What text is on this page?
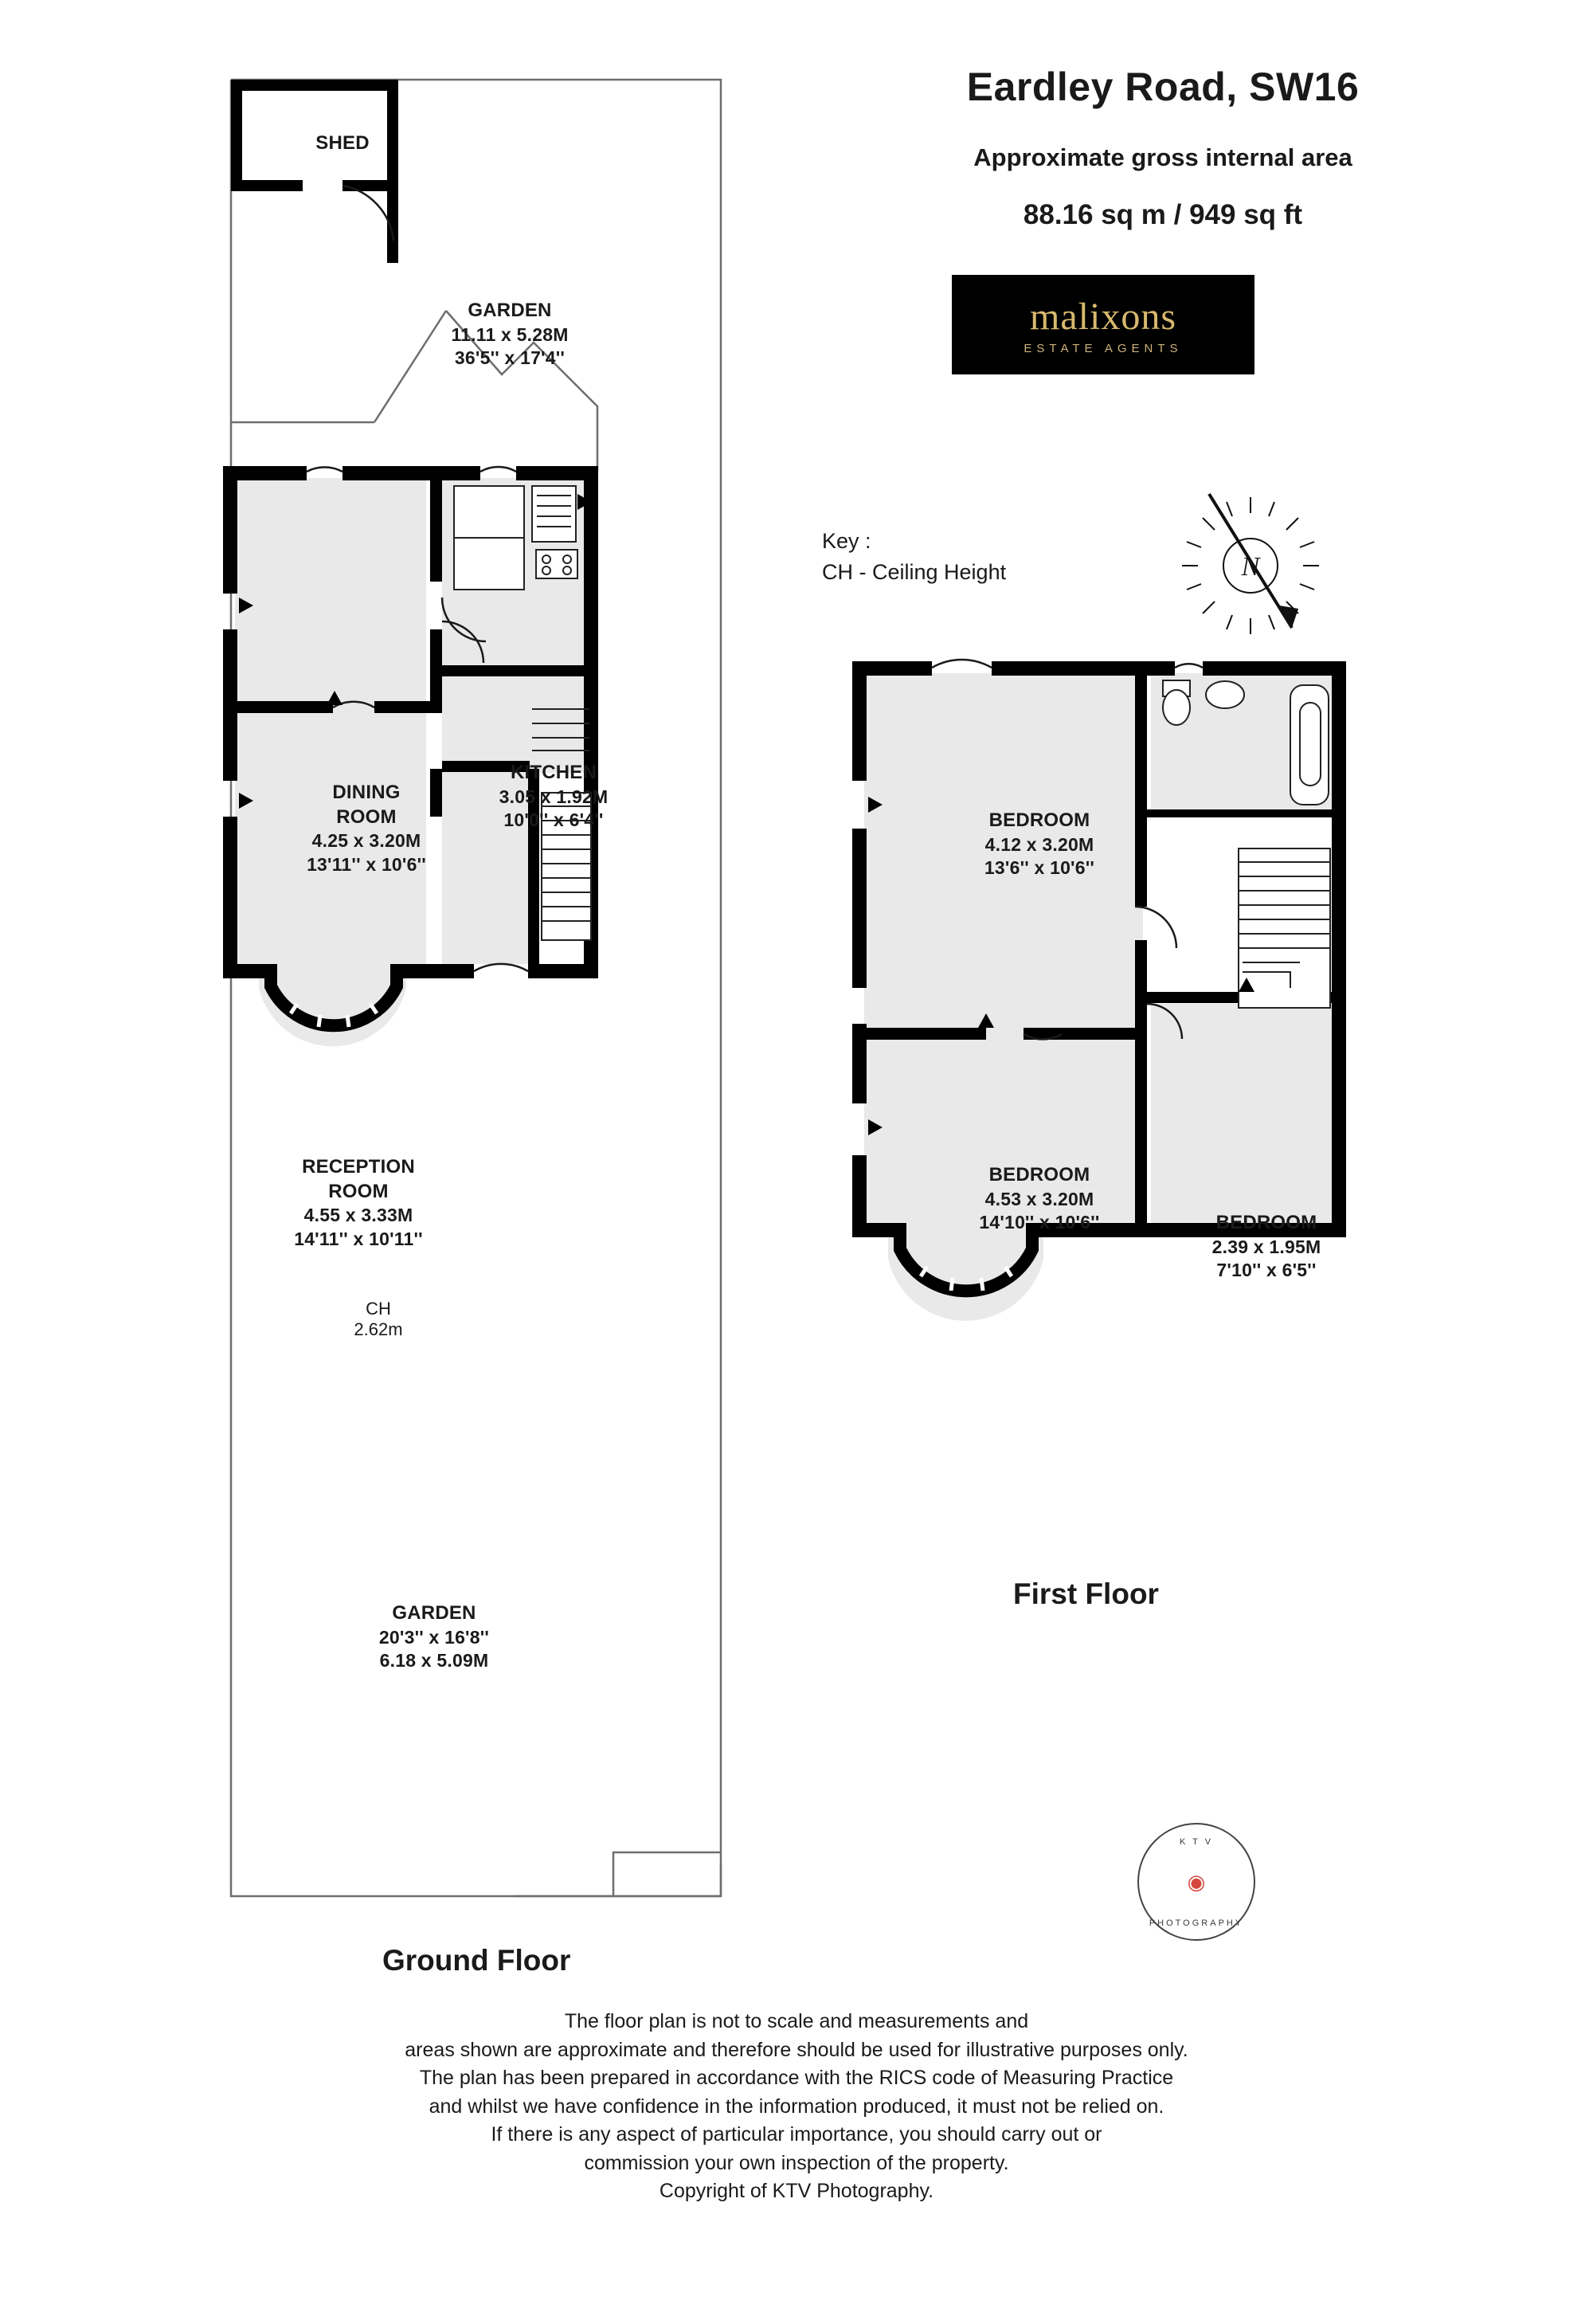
Eardley Road, SW16
Approximate gross internal area
88.16 sq m / 949 sq ft
malixons
ESTATE AGENTS
Key :
CH - Ceiling Height	N
SHED
GARDEN
11.11 x 5.28M
36'5'' x 17'4''
DINING
ROOM
4.25 x 3.20M
13'11'' x 10'6''
KITCHEN
3.05 x 1.92M
10'0'' x 6'4''
RECEPTION
ROOM
4.55 x 3.33M
14'11'' x 10'11''
CH
2.62m
GARDEN
20'3'' x 16'8''
6.18 x 5.09M
BEDROOM
4.12 x 3.20M
13'6'' x 10'6''
BEDROOM
4.53 x 3.20M
14'10'' x 10'6''	BEDROOM
2.39 x 1.95M
7'10'' x 6'5''
Ground Floor
First Floor
K T V
◉
PHOTOGRAPHY
The floor plan is not to scale and measurements and
areas shown are approximate and therefore should be used for illustrative purposes only.
The plan has been prepared in accordance with the RICS code of Measuring Practice
and whilst we have confidence in the information produced, it must not be relied on.
If there is any aspect of particular importance, you should carry out or
commission your own inspection of the property.
Copyright of KTV Photography.
